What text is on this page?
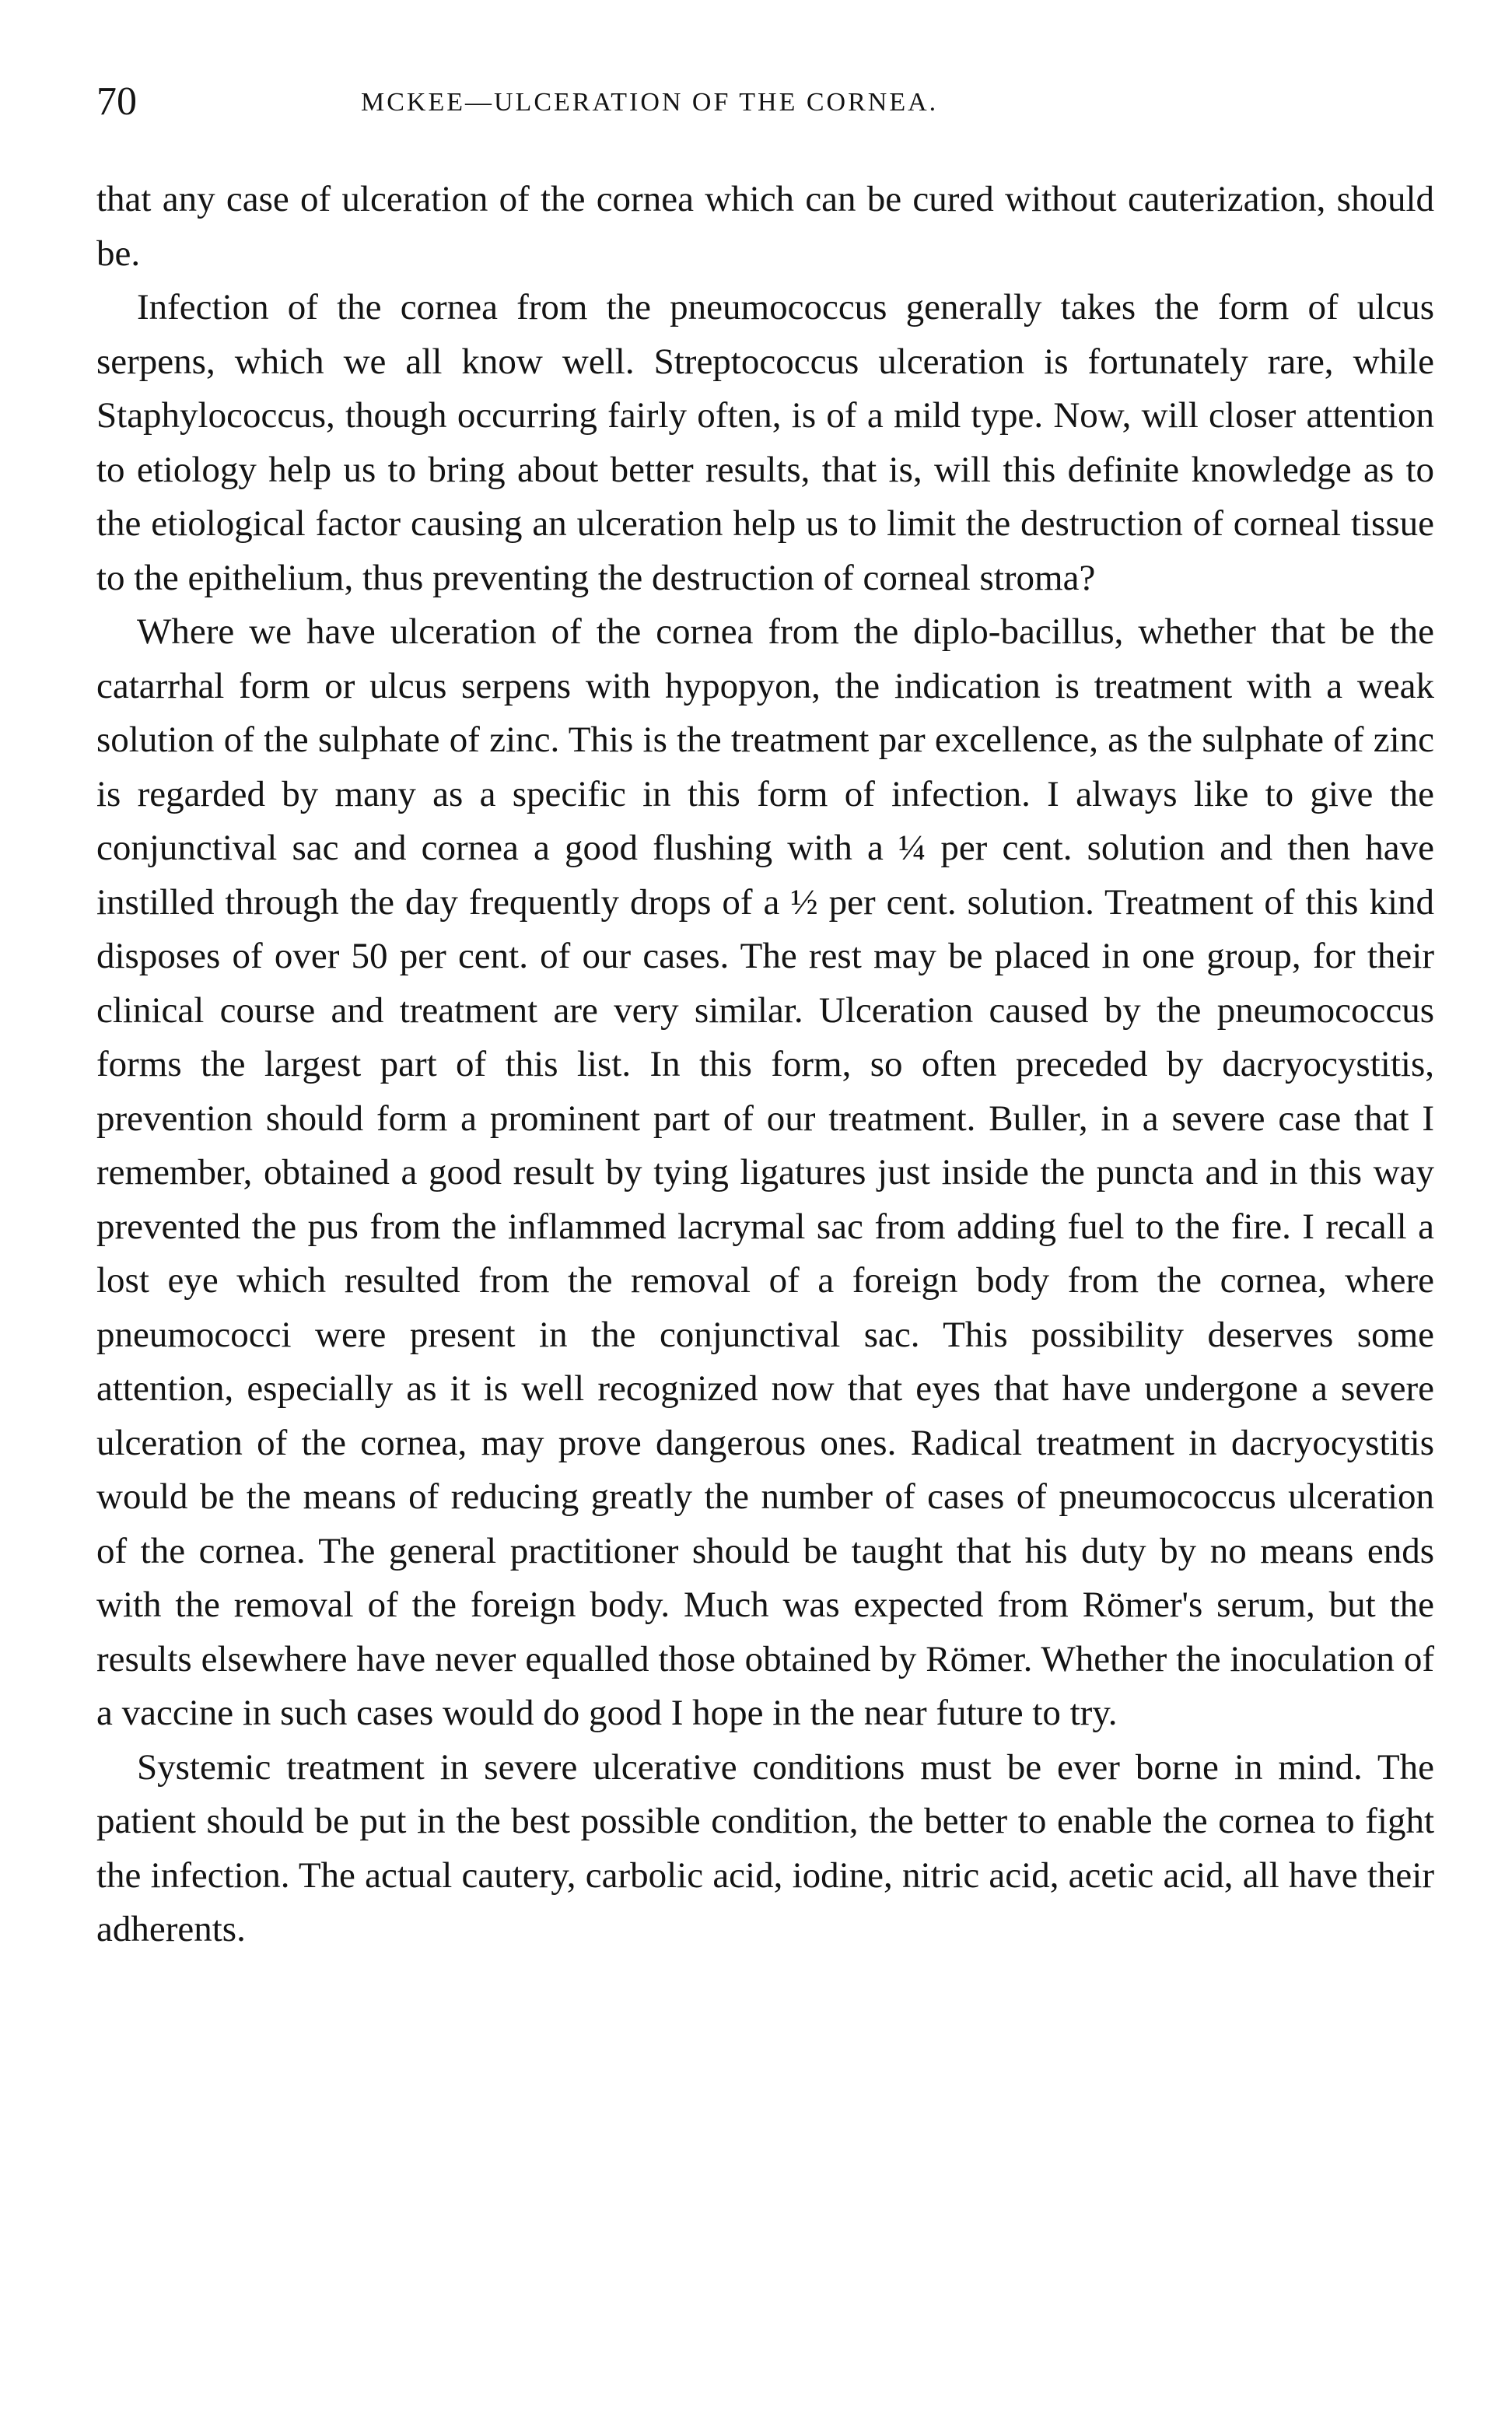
70	MCKEE—ULCERATION OF THE CORNEA.

that any case of ulceration of the cornea which can be cured without cauterization, should be.

Infection of the cornea from the pneumococcus generally takes the form of ulcus serpens, which we all know well. Streptococcus ulceration is fortunately rare, while Staphylococcus, though occurring fairly often, is of a mild type. Now, will closer attention to etiology help us to bring about better results, that is, will this definite knowledge as to the etiological factor causing an ulceration help us to limit the destruction of corneal tissue to the epithelium, thus preventing the destruction of corneal stroma?

Where we have ulceration of the cornea from the diplo-bacillus, whether that be the catarrhal form or ulcus serpens with hypopyon, the indication is treatment with a weak solution of the sulphate of zinc. This is the treatment par excellence, as the sulphate of zinc is regarded by many as a specific in this form of infection. I always like to give the conjunctival sac and cornea a good flushing with a ¼ per cent. solution and then have instilled through the day frequently drops of a ½ per cent. solution. Treatment of this kind disposes of over 50 per cent. of our cases. The rest may be placed in one group, for their clinical course and treatment are very similar. Ulceration caused by the pneumococcus forms the largest part of this list. In this form, so often preceded by dacryocystitis, prevention should form a prominent part of our treatment. Buller, in a severe case that I remember, obtained a good result by tying ligatures just inside the puncta and in this way prevented the pus from the inflammed lacrymal sac from adding fuel to the fire. I recall a lost eye which resulted from the removal of a foreign body from the cornea, where pneumococci were present in the conjunctival sac. This possibility deserves some attention, especially as it is well recognized now that eyes that have undergone a severe ulceration of the cornea, may prove dangerous ones. Radical treatment in dacryocystitis would be the means of reducing greatly the number of cases of pneumococcus ulceration of the cornea. The general practitioner should be taught that his duty by no means ends with the removal of the foreign body. Much was expected from Römer's serum, but the results elsewhere have never equalled those obtained by Römer. Whether the inoculation of a vaccine in such cases would do good I hope in the near future to try.

Systemic treatment in severe ulcerative conditions must be ever borne in mind. The patient should be put in the best possible condition, the better to enable the cornea to fight the infection. The actual cautery, carbolic acid, iodine, nitric acid, acetic acid, all have their adherents.
